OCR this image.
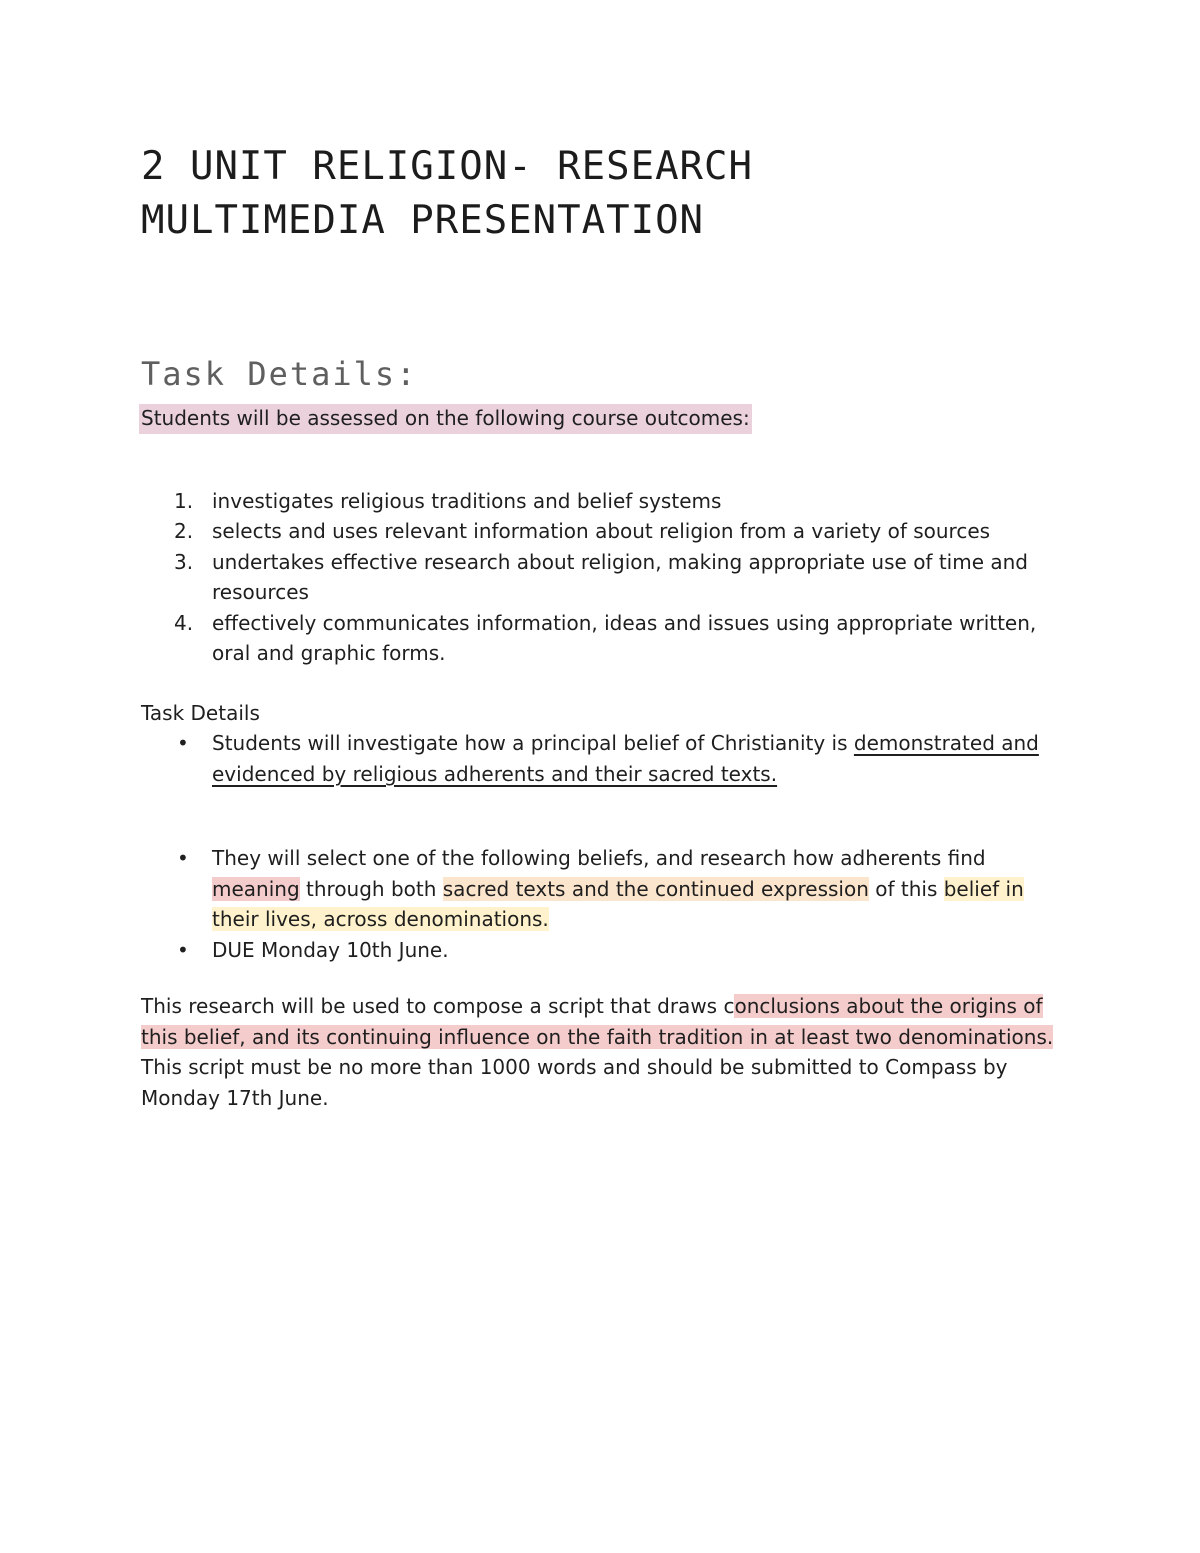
2 UNIT RELIGION- RESEARCH
MULTIMEDIA PRESENTATION
Task Details:
Students will be assessed on the following course outcomes:
1. investigates religious traditions and belief systems
2. selects and uses relevant information about religion from a variety of sources
3. undertakes effective research about religion, making appropriate use of time and resources
4. effectively communicates information, ideas and issues using appropriate written, oral and graphic forms.
Task Details
• Students will investigate how a principal belief of Christianity is demonstrated and evidenced by religious adherents and their sacred texts.
• They will select one of the following beliefs, and research how adherents find meaning through both sacred texts and the continued expression of this belief in their lives, across denominations.
• DUE Monday 10th June.

This research will be used to compose a script that draws conclusions about the origins of this belief, and its continuing influence on the faith tradition in at least two denominations. This script must be no more than 1000 words and should be submitted to Compass by Monday 17th June.
